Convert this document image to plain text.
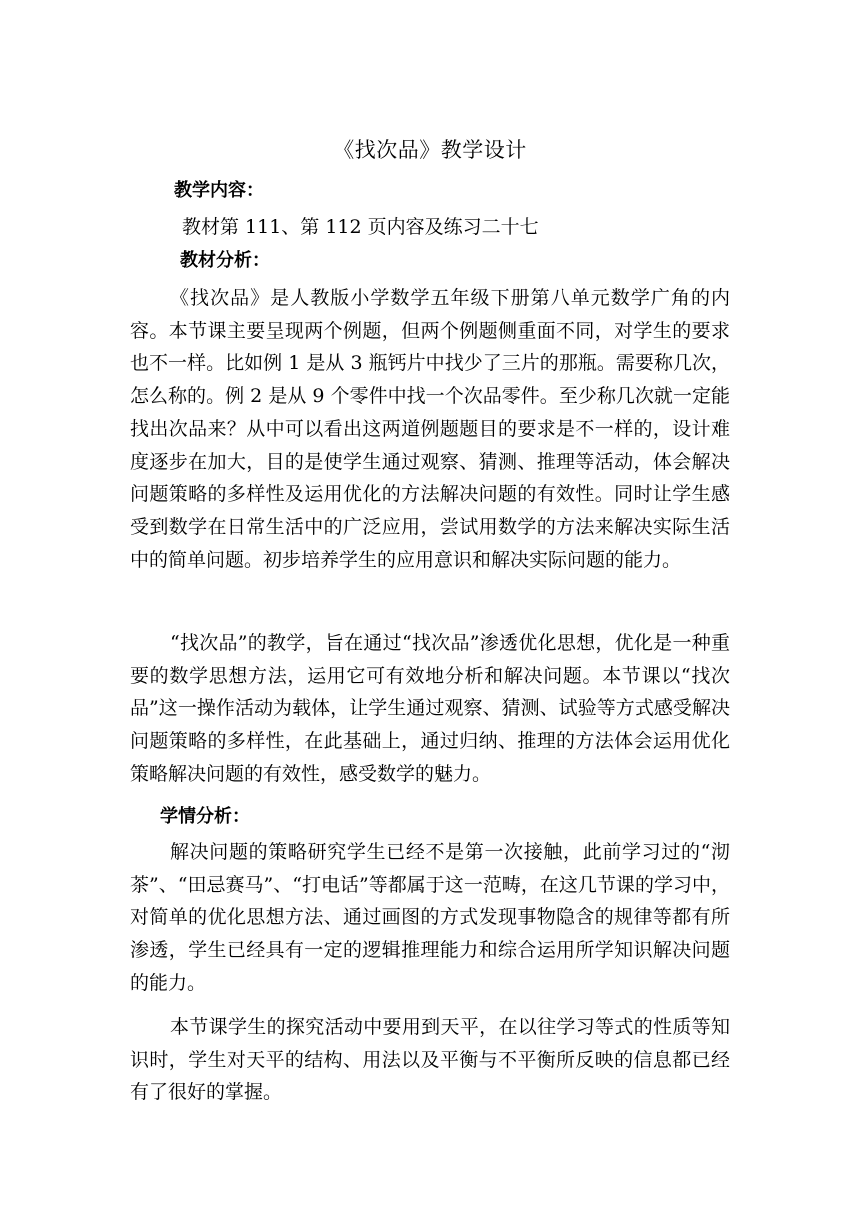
《找次品》教学设计
教学内容：
教材第 111、第 112 页内容及练习二十七
教材分析：
《找次品》是人教版小学数学五年级下册第八单元数学广角的内容。本节课主要呈现两个例题，但两个例题侧重面不同，对学生的要求也不一样。比如例 1 是从 3 瓶钙片中找少了三片的那瓶。需要称几次，怎么称的。例 2 是从 9 个零件中找一个次品零件。至少称几次就一定能找出次品来？从中可以看出这两道例题题目的要求是不一样的，设计难度逐步在加大，目的是使学生通过观察、猜测、推理等活动，体会解决问题策略的多样性及运用优化的方法解决问题的有效性。同时让学生感受到数学在日常生活中的广泛应用，尝试用数学的方法来解决实际生活中的简单问题。初步培养学生的应用意识和解决实际问题的能力。
“找次品”的教学，旨在通过“找次品”渗透优化思想，优化是一种重要的数学思想方法，运用它可有效地分析和解决问题。本节课以“找次品”这一操作活动为载体，让学生通过观察、猜测、试验等方式感受解决问题策略的多样性，在此基础上，通过归纳、推理的方法体会运用优化策略解决问题的有效性，感受数学的魅力。
学情分析：
解决问题的策略研究学生已经不是第一次接触，此前学习过的“沏茶”、“田忌赛马”、“打电话”等都属于这一范畴，在这几节课的学习中，对简单的优化思想方法、通过画图的方式发现事物隐含的规律等都有所渗透，学生已经具有一定的逻辑推理能力和综合运用所学知识解决问题的能力。
本节课学生的探究活动中要用到天平，在以往学习等式的性质等知识时，学生对天平的结构、用法以及平衡与不平衡所反映的信息都已经有了很好的掌握。
